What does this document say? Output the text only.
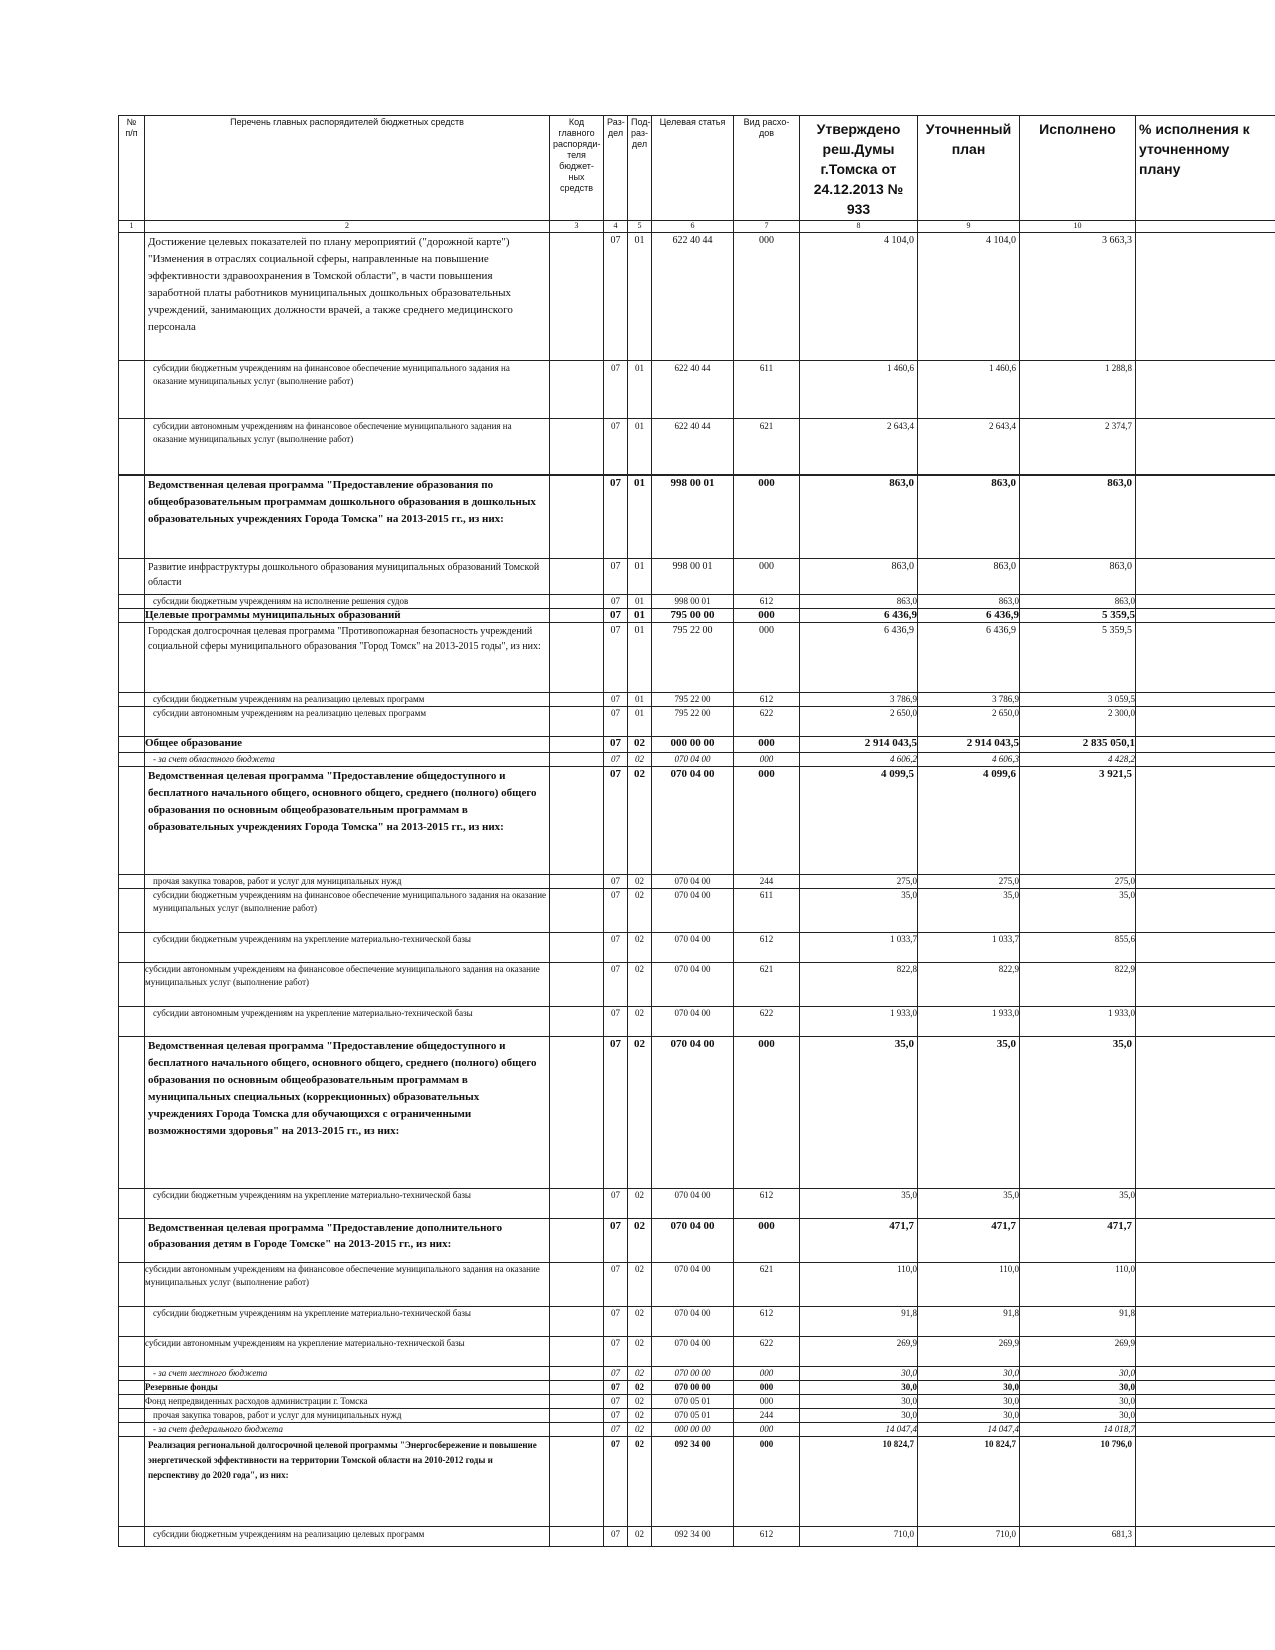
№ п/п	Перечень главных распорядителей бюджетных средств	Код главного распоряди-теля бюджет-ных средств	Раз-дел	Под-раз-дел	Целевая статья	Вид расхо-дов	Утверждено реш.Думы г.Томска от 24.12.2013 № 933	Уточненный план	Исполнено	% исполнения к уточненному плану
1	2	3	4	5	6	7	8	9	10	
	Достижение целевых показателей по плану мероприятий ("дорожной карте") "Изменения в отраслях социальной сферы, направленные на повышение эффективности здравоохранения в Томской области", в части повышения заработной платы работников муниципальных дошкольных образовательных учреждений, занимающих должности врачей, а также среднего медицинского персонала		07	01	622 40 44	000	4 104,0	4 104,0	3 663,3	
	субсидии бюджетным учреждениям на финансовое обеспечение муниципального задания на оказание муниципальных услуг (выполнение работ)		07	01	622 40 44	611	1 460,6	1 460,6	1 288,8	
	субсидии автономным учреждениям на финансовое обеспечение муниципального задания на оказание муниципальных услуг (выполнение работ)		07	01	622 40 44	621	2 643,4	2 643,4	2 374,7	
	Ведомственная целевая программа "Предоставление образования по общеобразовательным программам дошкольного образования в дошкольных образовательных учреждениях Города Томска" на 2013-2015 гг., из них:		07	01	998 00 01	000	863,0	863,0	863,0	
	Развитие инфраструктуры дошкольного образования муниципальных образований Томской области		07	01	998 00 01	000	863,0	863,0	863,0	
	субсидии бюджетным учреждениям на исполнение решения судов		07	01	998 00 01	612	863,0	863,0	863,0	
	Целевые программы муниципальных образований		07	01	795 00 00	000	6 436,9	6 436,9	5 359,5	
	Городская долгосрочная целевая программа "Противопожарная безопасность учреждений социальной сферы муниципального образования "Город Томск" на 2013-2015 годы", из них:		07	01	795 22 00	000	6 436,9	6 436,9	5 359,5	
	субсидии бюджетным учреждениям на реализацию целевых программ		07	01	795 22 00	612	3 786,9	3 786,9	3 059,5	
	субсидии автономным учреждениям на реализацию целевых программ		07	01	795 22 00	622	2 650,0	2 650,0	2 300,0	
	Общее образование		07	02	000 00 00	000	2 914 043,5	2 914 043,5	2 835 050,1	
	- за счет областного бюджета		07	02	070 04 00	000	4 606,2	4 606,3	4 428,2	
	Ведомственная целевая программа "Предоставление общедоступного и бесплатного начального общего, основного общего, среднего (полного) общего образования по основным общеобразовательным программам в образовательных учреждениях Города Томска" на 2013-2015 гг., из них:		07	02	070 04 00	000	4 099,5	4 099,6	3 921,5	
	прочая закупка товаров, работ и услуг для муниципальных нужд		07	02	070 04 00	244	275,0	275,0	275,0	
	субсидии бюджетным учреждениям на финансовое обеспечение муниципального задания на оказание муниципальных услуг (выполнение работ)		07	02	070 04 00	611	35,0	35,0	35,0	
	субсидии бюджетным учреждениям на укрепление материально-технической базы		07	02	070 04 00	612	1 033,7	1 033,7	855,6	
	субсидии автономным учреждениям на финансовое обеспечение муниципального задания на оказание муниципальных услуг (выполнение работ)		07	02	070 04 00	621	822,8	822,9	822,9	
	субсидии автономным учреждениям на укрепление материально-технической базы		07	02	070 04 00	622	1 933,0	1 933,0	1 933,0	
	Ведомственная целевая программа "Предоставление общедоступного и бесплатного начального общего, основного общего, среднего (полного) общего образования по основным общеобразовательным программам в муниципальных специальных (коррекционных) образовательных учреждениях Города Томска для обучающихся с ограниченными возможностями здоровья" на 2013-2015 гг., из них:		07	02	070 04 00	000	35,0	35,0	35,0	
	субсидии бюджетным учреждениям на укрепление материально-технической базы		07	02	070 04 00	612	35,0	35,0	35,0	
	Ведомственная целевая программа "Предоставление дополнительного образования детям в Городе Томске" на 2013-2015 гг., из них:		07	02	070 04 00	000	471,7	471,7	471,7	
	субсидии автономным учреждениям на финансовое обеспечение муниципального задания на оказание муниципальных услуг (выполнение работ)		07	02	070 04 00	621	110,0	110,0	110,0	
	субсидии бюджетным учреждениям на укрепление материально-технической базы		07	02	070 04 00	612	91,8	91,8	91,8	
	субсидии автономным учреждениям на укрепление материально-технической базы		07	02	070 04 00	622	269,9	269,9	269,9	
	- за счет местного бюджета		07	02	070 00 00	000	30,0	30,0	30,0	
	Резервные фонды		07	02	070 00 00	000	30,0	30,0	30,0	
	Фонд непредвиденных расходов администрации г. Томска		07	02	070 05 01	000	30,0	30,0	30,0	
	прочая закупка товаров, работ и услуг для муниципальных нужд		07	02	070 05 01	244	30,0	30,0	30,0	
	- за счет федерального бюджета		07	02	000 00 00	000	14 047,4	14 047,4	14 018,7	
	Реализация региональной долгосрочной целевой программы "Энергосбережение и повышение энергетической эффективности на территории Томской области на 2010-2012 годы и перспективу до 2020 года", из них:		07	02	092 34 00	000	10 824,7	10 824,7	10 796,0	
	субсидии бюджетным учреждениям на реализацию целевых программ		07	02	092 34 00	612	710,0	710,0	681,3	
